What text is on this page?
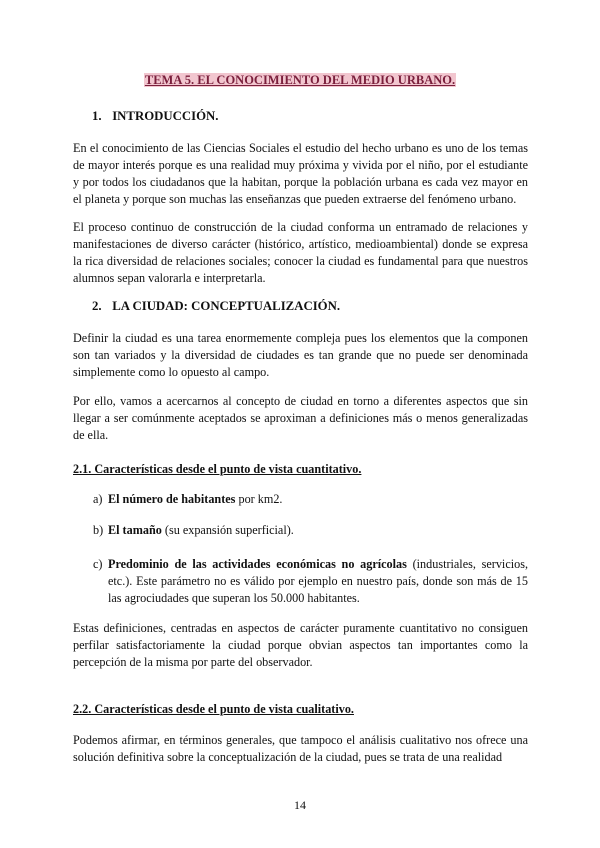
TEMA 5. EL CONOCIMIENTO DEL MEDIO URBANO.
1. INTRODUCCIÓN.
En el conocimiento de las Ciencias Sociales el estudio del hecho urbano es uno de los temas de mayor interés porque es una realidad muy próxima y vivida por el niño, por el estudiante y por todos los ciudadanos que la habitan, porque la población urbana es cada vez mayor en el planeta y porque son muchas las enseñanzas que pueden extraerse del fenómeno urbano.
El proceso continuo de construcción de la ciudad conforma un entramado de relaciones y manifestaciones de diverso carácter (histórico, artístico, medioambiental) donde se expresa la rica diversidad de relaciones sociales; conocer la ciudad es fundamental para que nuestros alumnos sepan valorarla e interpretarla.
2. LA CIUDAD: CONCEPTUALIZACIÓN.
Definir la ciudad es una tarea enormemente compleja pues los elementos que la componen son tan variados y la diversidad de ciudades es tan grande que no puede ser denominada simplemente como lo opuesto al campo.
Por ello, vamos a acercarnos al concepto de ciudad en torno a diferentes aspectos que sin llegar a ser comúnmente aceptados se aproximan a definiciones más o menos generalizadas de ella.
2.1. Características desde el punto de vista cuantitativo.
a) El número de habitantes por km2.
b) El tamaño (su expansión superficial).
c) Predominio de las actividades económicas no agrícolas (industriales, servicios, etc.). Este parámetro no es válido por ejemplo en nuestro país, donde son más de 15 las agrociudades que superan los 50.000 habitantes.
Estas definiciones, centradas en aspectos de carácter puramente cuantitativo no consiguen perfilar satisfactoriamente la ciudad porque obvian aspectos tan importantes como la percepción de la misma por parte del observador.
2.2. Características desde el punto de vista cualitativo.
Podemos afirmar, en términos generales, que tampoco el análisis cualitativo nos ofrece una solución definitiva sobre la conceptualización de la ciudad, pues se trata de una realidad
14
